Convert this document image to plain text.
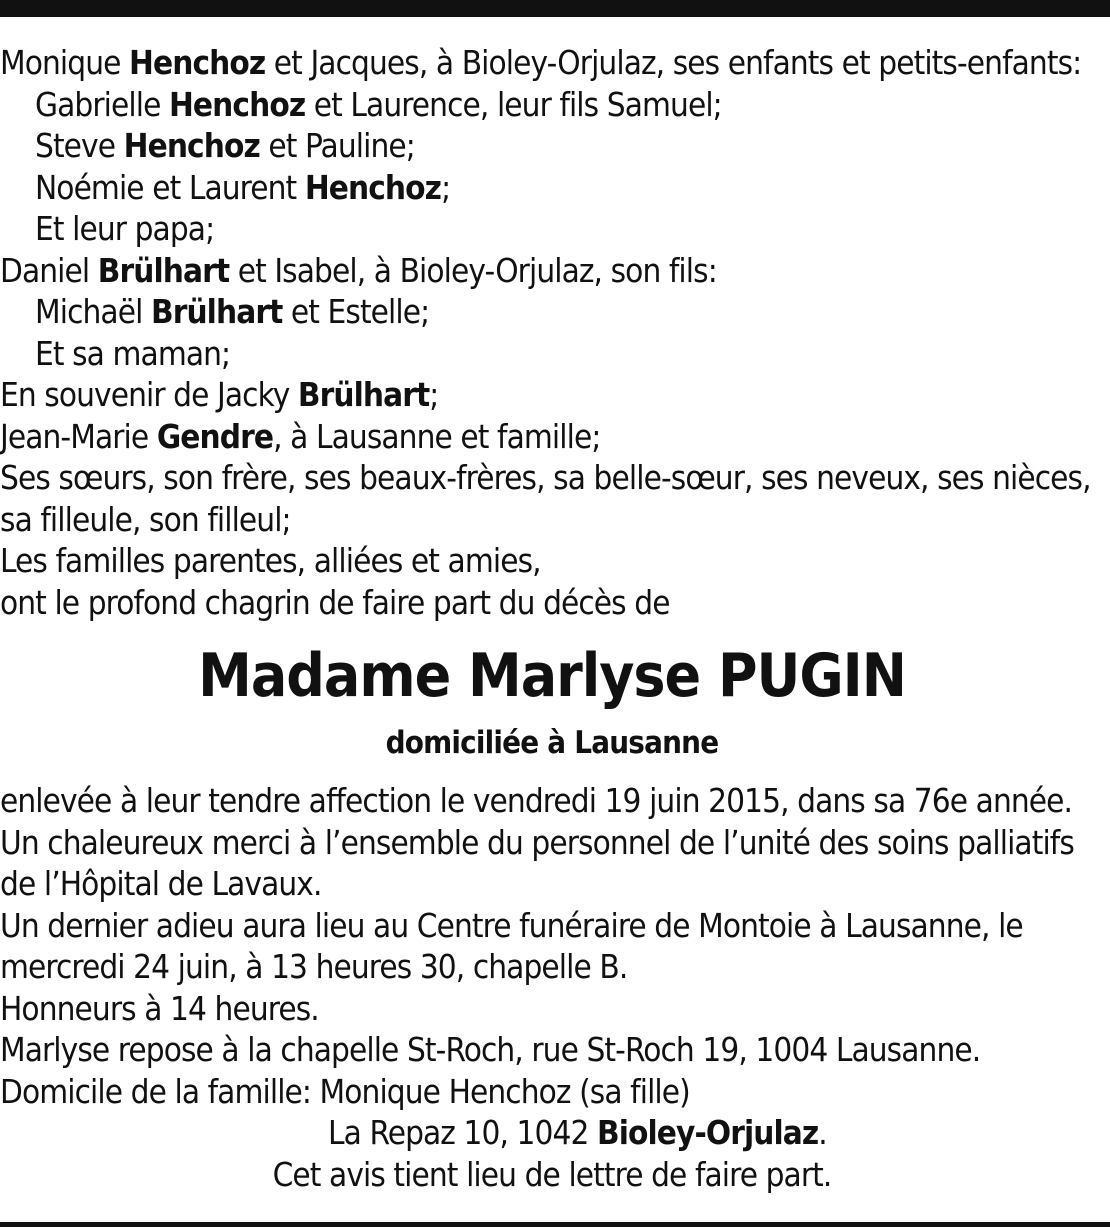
Monique Henchoz et Jacques, à Bioley-Orjulaz, ses enfants et petits-enfants:
Gabrielle Henchoz et Laurence, leur fils Samuel;
Steve Henchoz et Pauline;
Noémie et Laurent Henchoz;
Et leur papa;
Daniel Brülhart et Isabel, à Bioley-Orjulaz, son fils:
Michaël Brülhart et Estelle;
Et sa maman;
En souvenir de Jacky Brülhart;
Jean-Marie Gendre, à Lausanne et famille;
Ses sœurs, son frère, ses beaux-frères, sa belle-sœur, ses neveux, ses nièces,
sa filleule, son filleul;
Les familles parentes, alliées et amies,
ont le profond chagrin de faire part du décès de
Madame Marlyse PUGIN
domiciliée à Lausanne
enlevée à leur tendre affection le vendredi 19 juin 2015, dans sa 76e année.
Un chaleureux merci à l’ensemble du personnel de l’unité des soins palliatifs
de l’Hôpital de Lavaux.
Un dernier adieu aura lieu au Centre funéraire de Montoie à Lausanne, le
mercredi 24 juin, à 13 heures 30, chapelle B.
Honneurs à 14 heures.
Marlyse repose à la chapelle St-Roch, rue St-Roch 19, 1004 Lausanne.
Domicile de la famille: Monique Henchoz (sa fille)
La Repaz 10, 1042 Bioley-Orjulaz.
Cet avis tient lieu de lettre de faire part.
